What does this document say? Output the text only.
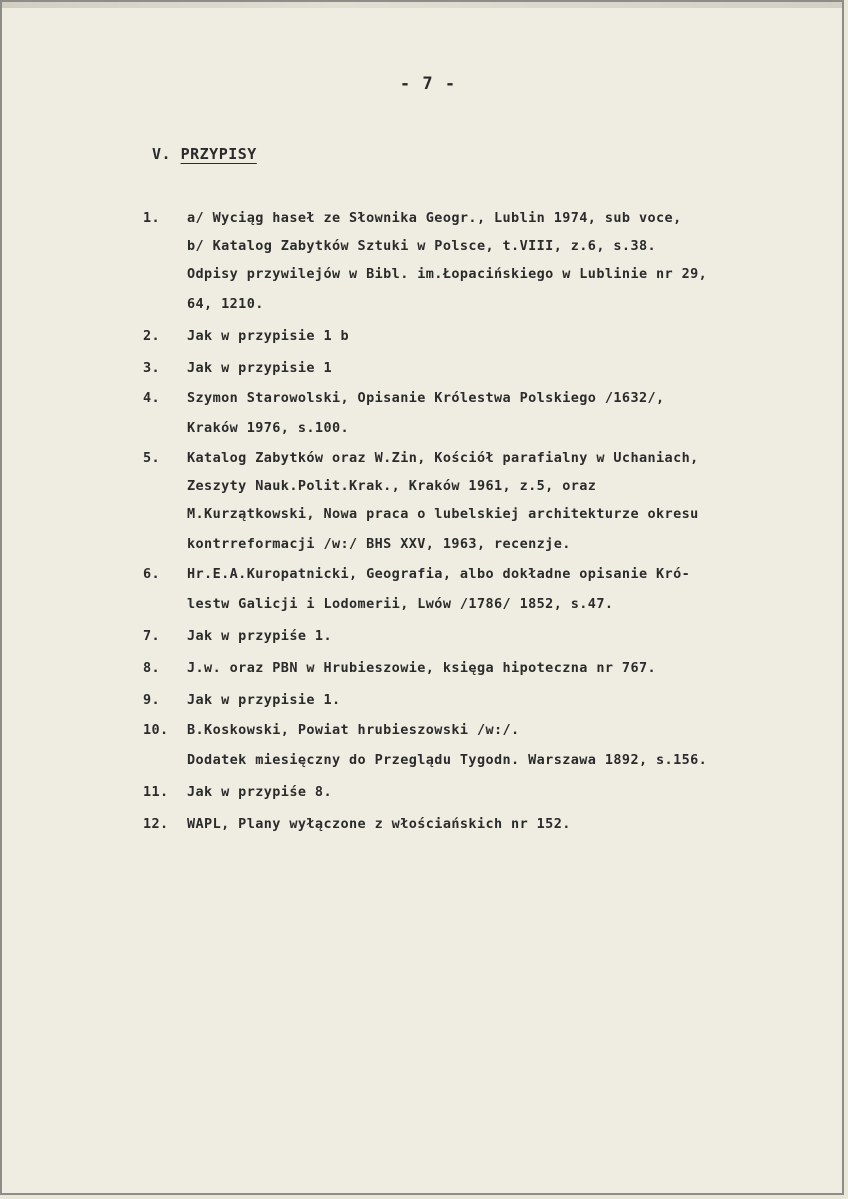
- 7 -
V. PRZYPISY
1. a/ Wyciąg haseł ze Słownika Geogr., Lublin 1974, sub voce,
b/ Katalog Zabytków Sztuki w Polsce, t.VIII, z.6, s.38.
Odpisy przywilejów w Bibl. im.Łopacińskiego w Lublinie nr 29,
64, 1210.
2. Jak w przypisie 1 b
3. Jak w przypisie 1
4. Szymon Starowolski, Opisanie Królestwa Polskiego /1632/,
Kraków 1976, s.100.
5. Katalog Zabytków oraz W.Zin, Kościół parafialny w Uchaniach,
Zeszyty Nauk.Polit.Krak., Kraków 1961, z.5, oraz
M.Kurzątkowski, Nowa praca o lubelskiej architekturze okresu
kontrreformacji /w:/ BHS XXV, 1963, recenzje.
6. Hr.E.A.Kuropatnicki, Geografia, albo dokładne opisanie Kró-
lestw Galicji i Lodomerii, Lwów /1786/ 1852, s.47.
7. Jak w przypiśe 1.
8. J.w. oraz PBN w Hrubieszowie, księga hipoteczna nr 767.
9. Jak w przypisie 1.
10. B.Koskowski, Powiat hrubieszowski /w:/.
Dodatek miesięczny do Przeglądu Tygodn. Warszawa 1892, s.156.
11. Jak w przypiśe 8.
12. WAPL, Plany wyłączone z włościańskich nr 152.
